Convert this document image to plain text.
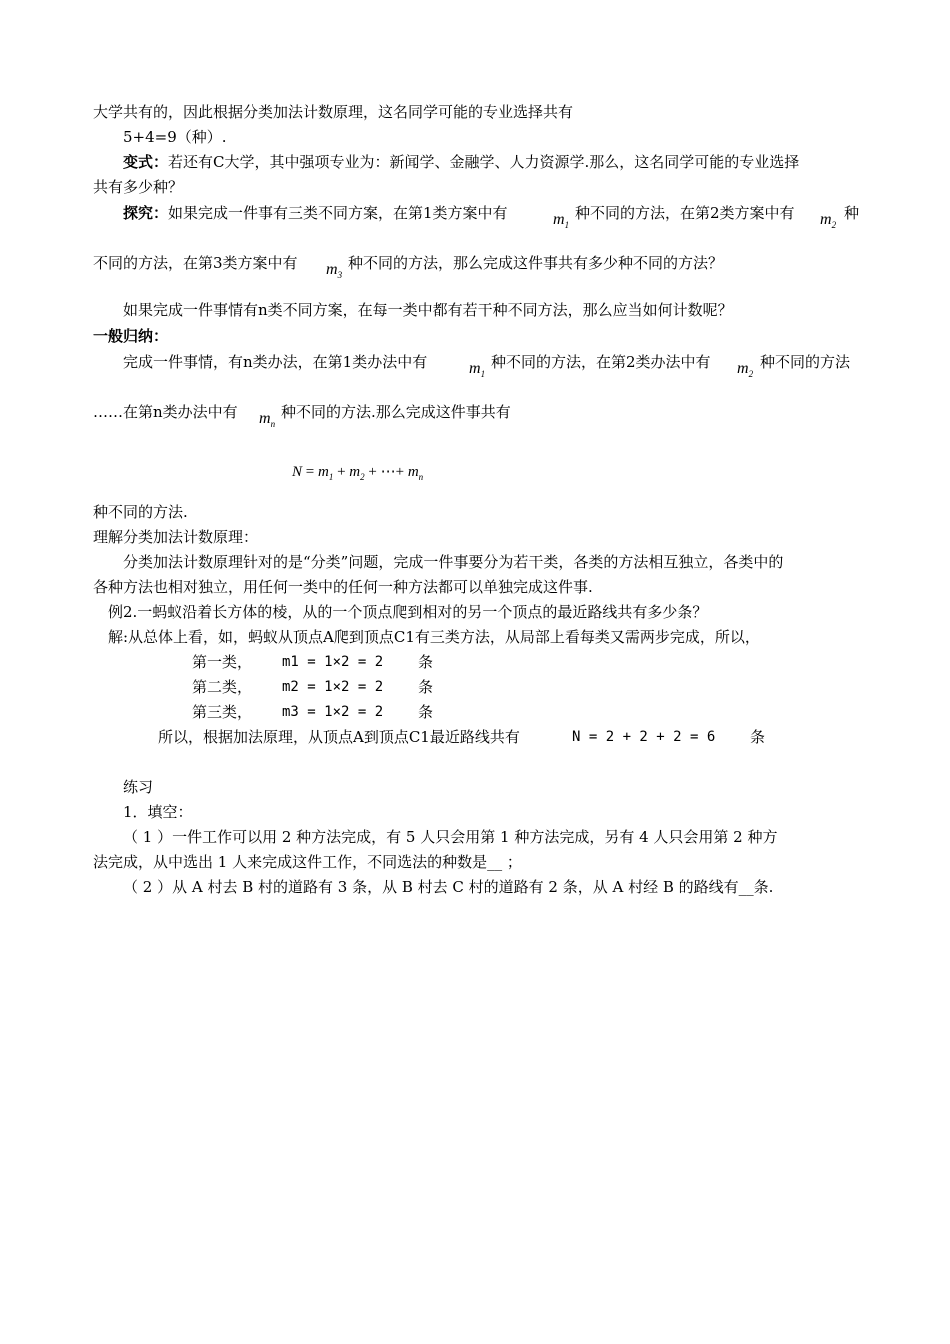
大学共有的，因此根据分类加法计数原理，这名同学可能的专业选择共有
5+4=9（种）.
变式：若还有C大学，其中强项专业为：新闻学、金融学、人力资源学.那么，这名同学可能的专业选择
共有多少种？
探究：如果完成一件事有三类不同方案，在第1类方案中有	$m_1$
种不同的方法，在第2类方案中有 $m_2$
种
不同的方法，在第3类方案中有 $m_3$
种不同的方法，那么完成这件事共有多少种不同的方法？
如果完成一件事情有n类不同方案，在每一类中都有若干种不同方法，那么应当如何计数呢？
一般归纳：
完成一件事情，有n类办法，在第1类办法中有	$m_1$
种不同的方法，在第2类办法中有 $m_2$
种不同的方法
……在第n类办法中有 $m_n$
种不同的方法.那么完成这件事共有
$N = m_1 + m_2$ + ⋯+ $m_n$
种不同的方法.
理解分类加法计数原理：
分类加法计数原理针对的是“分类”问题，完成一件事要分为若干类，各类的方法相互独立，各类中的
各种方法也相对独立，用任何一类中的任何一种方法都可以单独完成这件事.
例2.一蚂蚁沿着长方体的棱，从的一个顶点爬到相对的另一个顶点的最近路线共有多少条？
解:从总体上看，如，蚂蚁从顶点A爬到顶点C1有三类方法，从局部上看每类又需两步完成，所以，
第一类， m1 = 1×2 = 2 条
第二类， m2 = 1×2 = 2 条
第三类， m3 = 1×2 = 2 条
所以，根据加法原理，从顶点A到顶点C1最近路线共有	N = 2 + 2 + 2 = 6 条
练习
1．填空：
（ 1 ）一件工作可以用 2 种方法完成，有 5 人只会用第 1 种方法完成，另有 4 人只会用第 2 种方
法完成，从中选出 1 人来完成这件工作，不同选法的种数是__ ；
（ 2 ）从 A 村去 B 村的道路有 3 条，从 B 村去 C 村的道路有 2 条，从 A 村经 B 的路线有__条.
